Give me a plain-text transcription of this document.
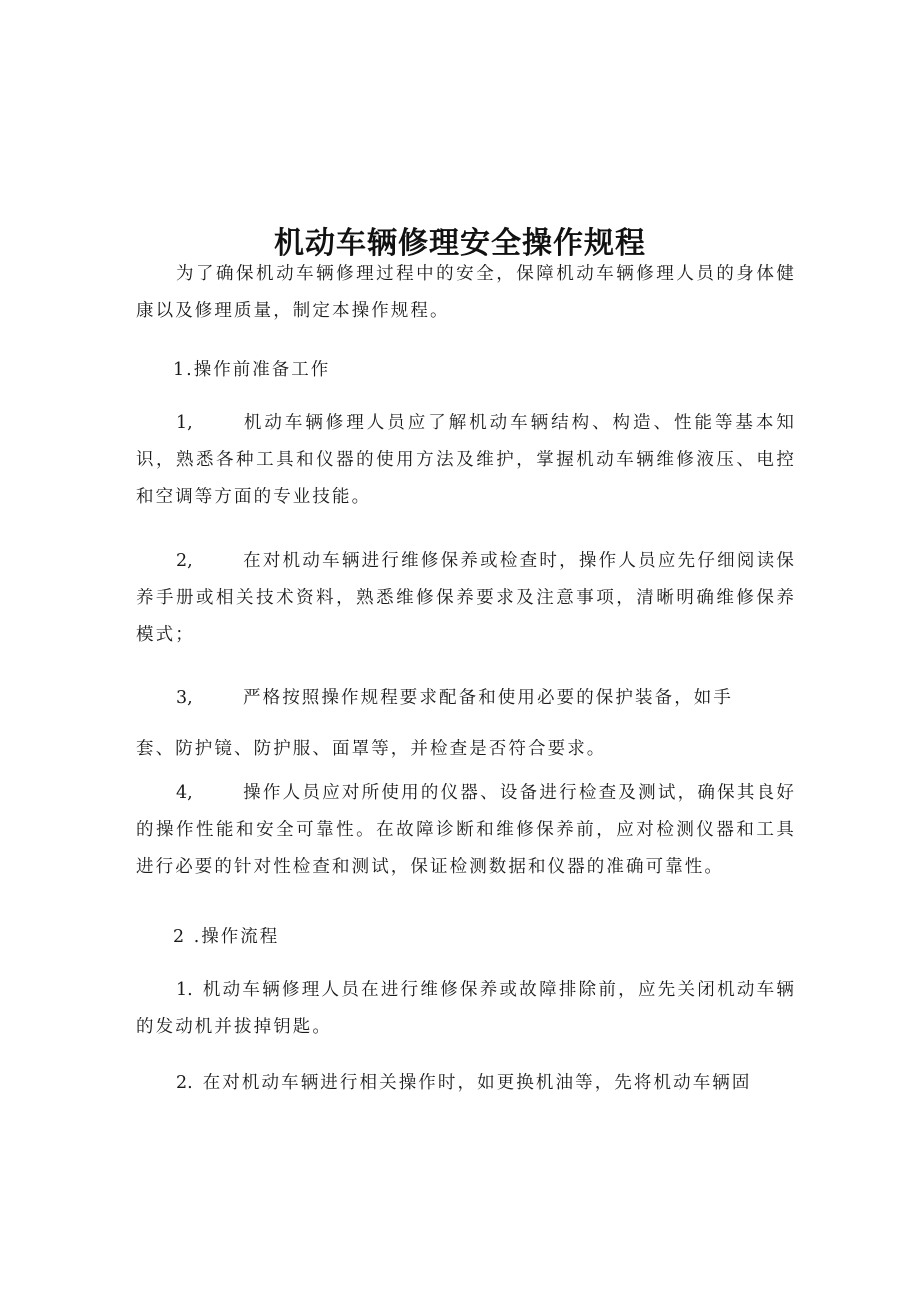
机动车辆修理安全操作规程

为了确保机动车辆修理过程中的安全，保障机动车辆修理人员的身体健康以及修理质量，制定本操作规程。

1.操作前准备工作

1,	机动车辆修理人员应了解机动车辆结构、构造、性能等基本知识，熟悉各种工具和仪器的使用方法及维护，掌握机动车辆维修液压、电控和空调等方面的专业技能。

2,	在对机动车辆进行维修保养或检查时，操作人员应先仔细阅读保养手册或相关技术资料，熟悉维修保养要求及注意事项，清晰明确维修保养模式；

3,	严格按照操作规程要求配备和使用必要的保护装备，如手
套、防护镜、防护服、面罩等，并检查是否符合要求。

4,	操作人员应对所使用的仪器、设备进行检查及测试，确保其良好的操作性能和安全可靠性。在故障诊断和维修保养前，应对检测仪器和工具进行必要的针对性检查和测试，保证检测数据和仪器的准确可靠性。

2 .操作流程

1. 机动车辆修理人员在进行维修保养或故障排除前，应先关闭机动车辆的发动机并拔掉钥匙。

2. 在对机动车辆进行相关操作时，如更换机油等，先将机动车辆固
